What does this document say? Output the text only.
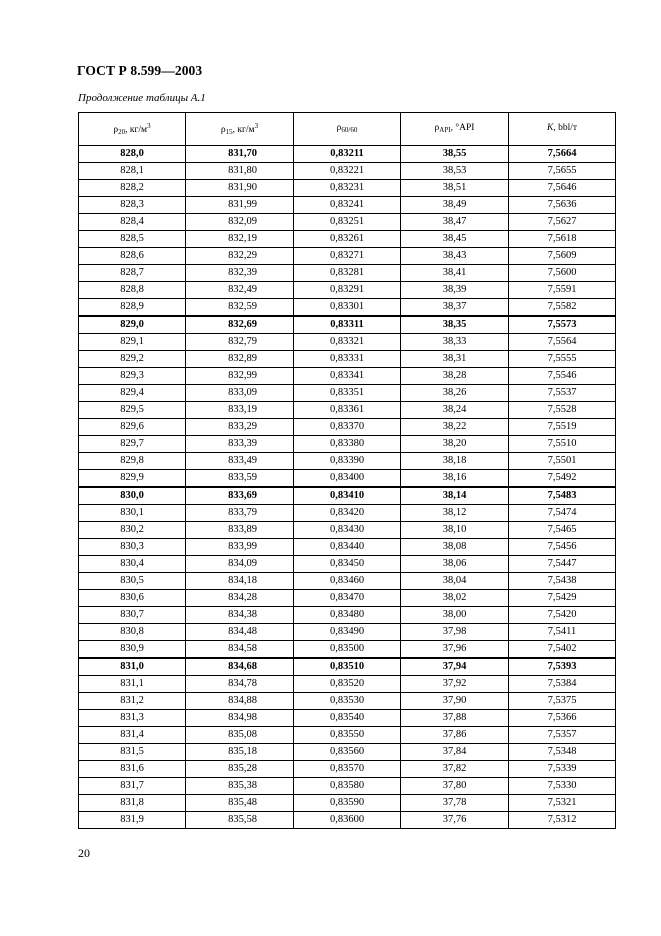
ГОСТ Р 8.599—2003
Продолжение таблицы А.1
$\rho_{20}$, $кг/м^3$	$\rho_{15}$, $кг/м^3$	$\rho_{60/60}$	$\rho_{API}$, °API	K, bbl/т
828,0	831,70	0,83211	38,55	7,5664
828,1	831,80	0,83221	38,53	7,5655
828,2	831,90	0,83231	38,51	7,5646
828,3	831,99	0,83241	38,49	7,5636
828,4	832,09	0,83251	38,47	7,5627
828,5	832,19	0,83261	38,45	7,5618
828,6	832,29	0,83271	38,43	7,5609
828,7	832,39	0,83281	38,41	7,5600
828,8	832,49	0,83291	38,39	7,5591
828,9	832,59	0,83301	38,37	7,5582
829,0	832,69	0,83311	38,35	7,5573
829,1	832,79	0,83321	38,33	7,5564
829,2	832,89	0,83331	38,31	7,5555
829,3	832,99	0,83341	38,28	7,5546
829,4	833,09	0,83351	38,26	7,5537
829,5	833,19	0,83361	38,24	7,5528
829,6	833,29	0,83370	38,22	7,5519
829,7	833,39	0,83380	38,20	7,5510
829,8	833,49	0,83390	38,18	7,5501
829,9	833,59	0,83400	38,16	7,5492
830,0	833,69	0,83410	38,14	7,5483
830,1	833,79	0,83420	38,12	7,5474
830,2	833,89	0,83430	38,10	7,5465
830,3	833,99	0,83440	38,08	7,5456
830,4	834,09	0,83450	38,06	7,5447
830,5	834,18	0,83460	38,04	7,5438
830,6	834,28	0,83470	38,02	7,5429
830,7	834,38	0,83480	38,00	7,5420
830,8	834,48	0,83490	37,98	7,5411
830,9	834,58	0,83500	37,96	7,5402
831,0	834,68	0,83510	37,94	7,5393
831,1	834,78	0,83520	37,92	7,5384
831,2	834,88	0,83530	37,90	7,5375
831,3	834,98	0,83540	37,88	7,5366
831,4	835,08	0,83550	37,86	7,5357
831,5	835,18	0,83560	37,84	7,5348
831,6	835,28	0,83570	37,82	7,5339
831,7	835,38	0,83580	37,80	7,5330
831,8	835,48	0,83590	37,78	7,5321
831,9	835,58	0,83600	37,76	7,5312
20
